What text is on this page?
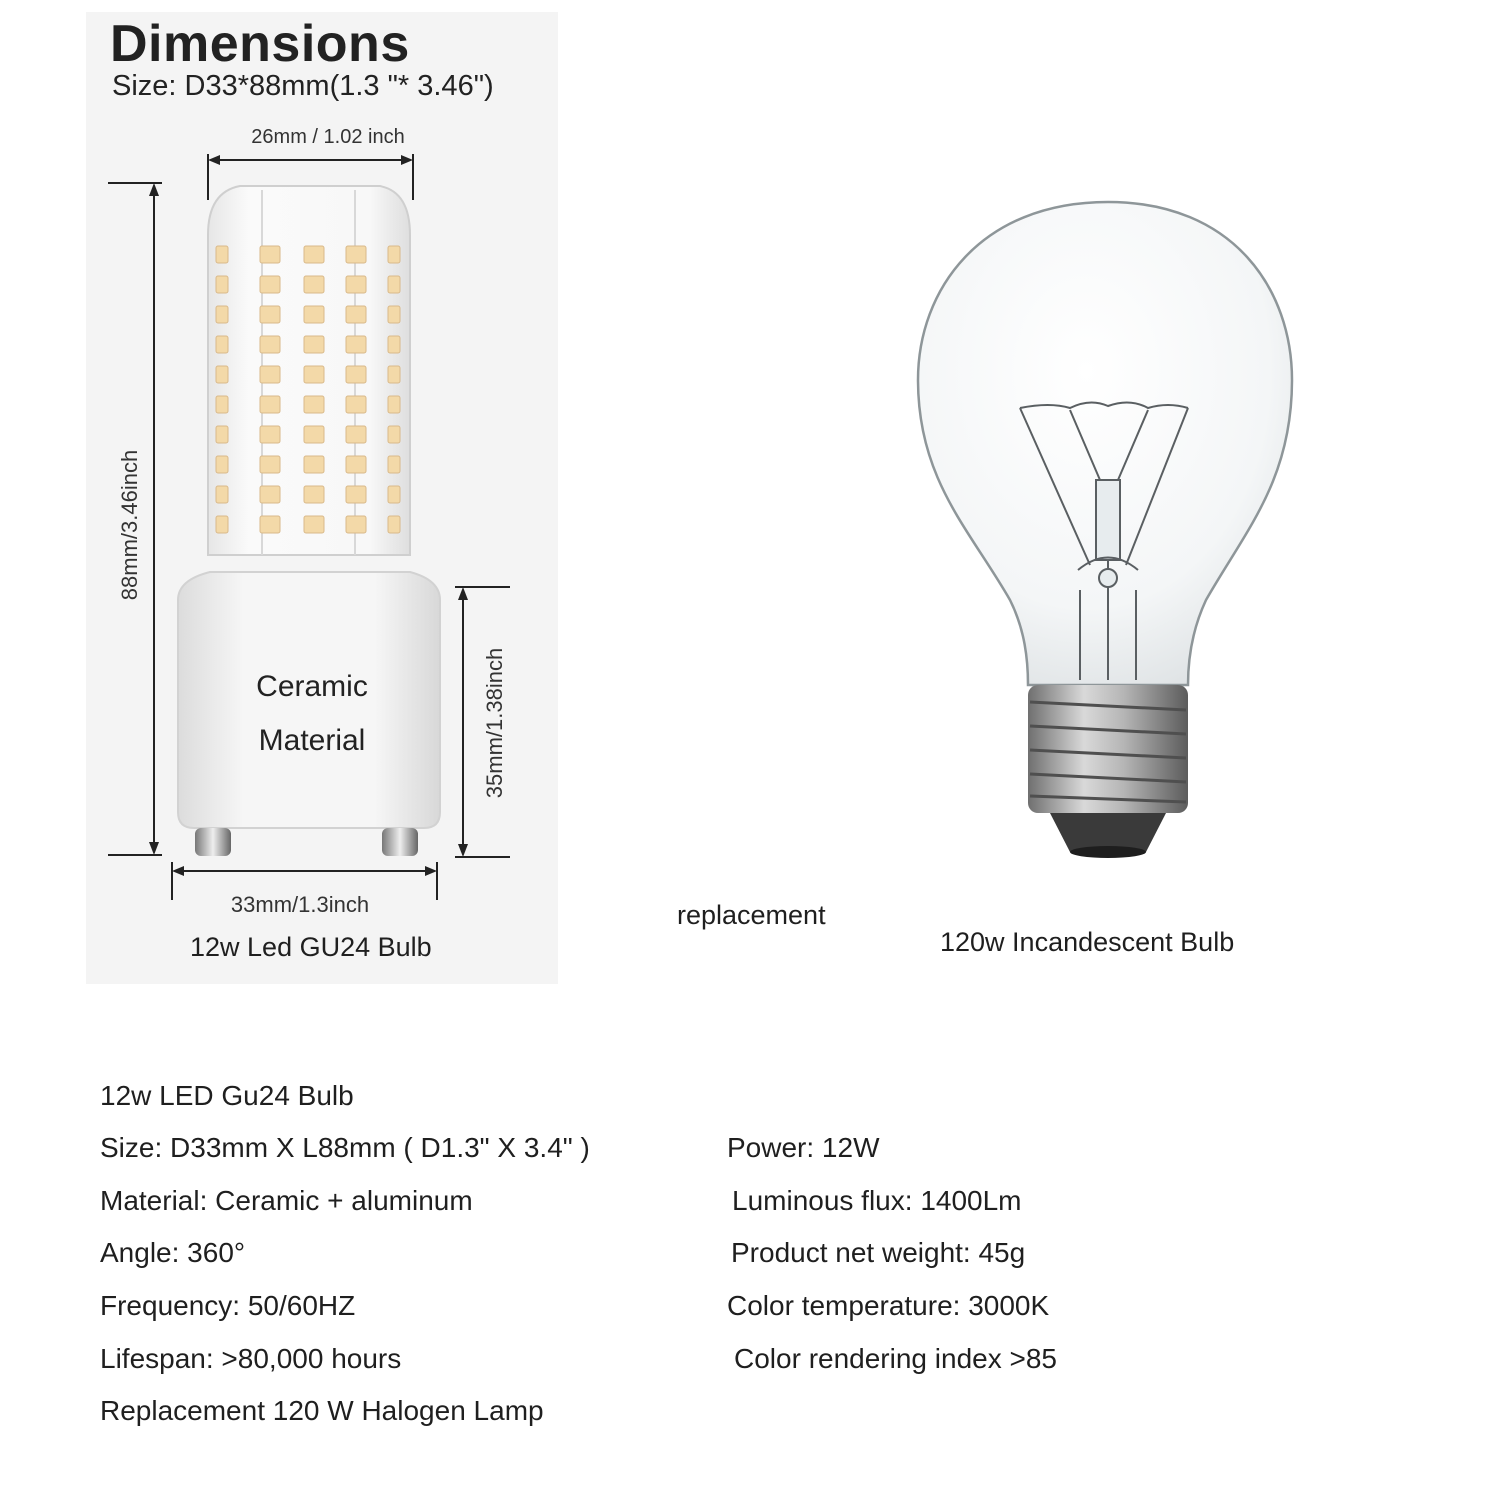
Dimensions
Size: D33*88mm(1.3 "* 3.46")
26mm / 1.02 inch
88mm/3.46inch
35mm/1.38inch
33mm/1.3inch
Ceramic
Material
12w Led GU24 Bulb
replacement
120w Incandescent Bulb
12w LED Gu24 Bulb
Size: D33mm X L88mm ( D1.3" X 3.4" )
Material: Ceramic + aluminum
Angle: 360°
Frequency: 50/60HZ
Lifespan: >80,000 hours
Replacement 120 W Halogen Lamp
Power: 12W
Luminous flux: 1400Lm
Product net weight: 45g
Color temperature: 3000K
Color rendering index >85
